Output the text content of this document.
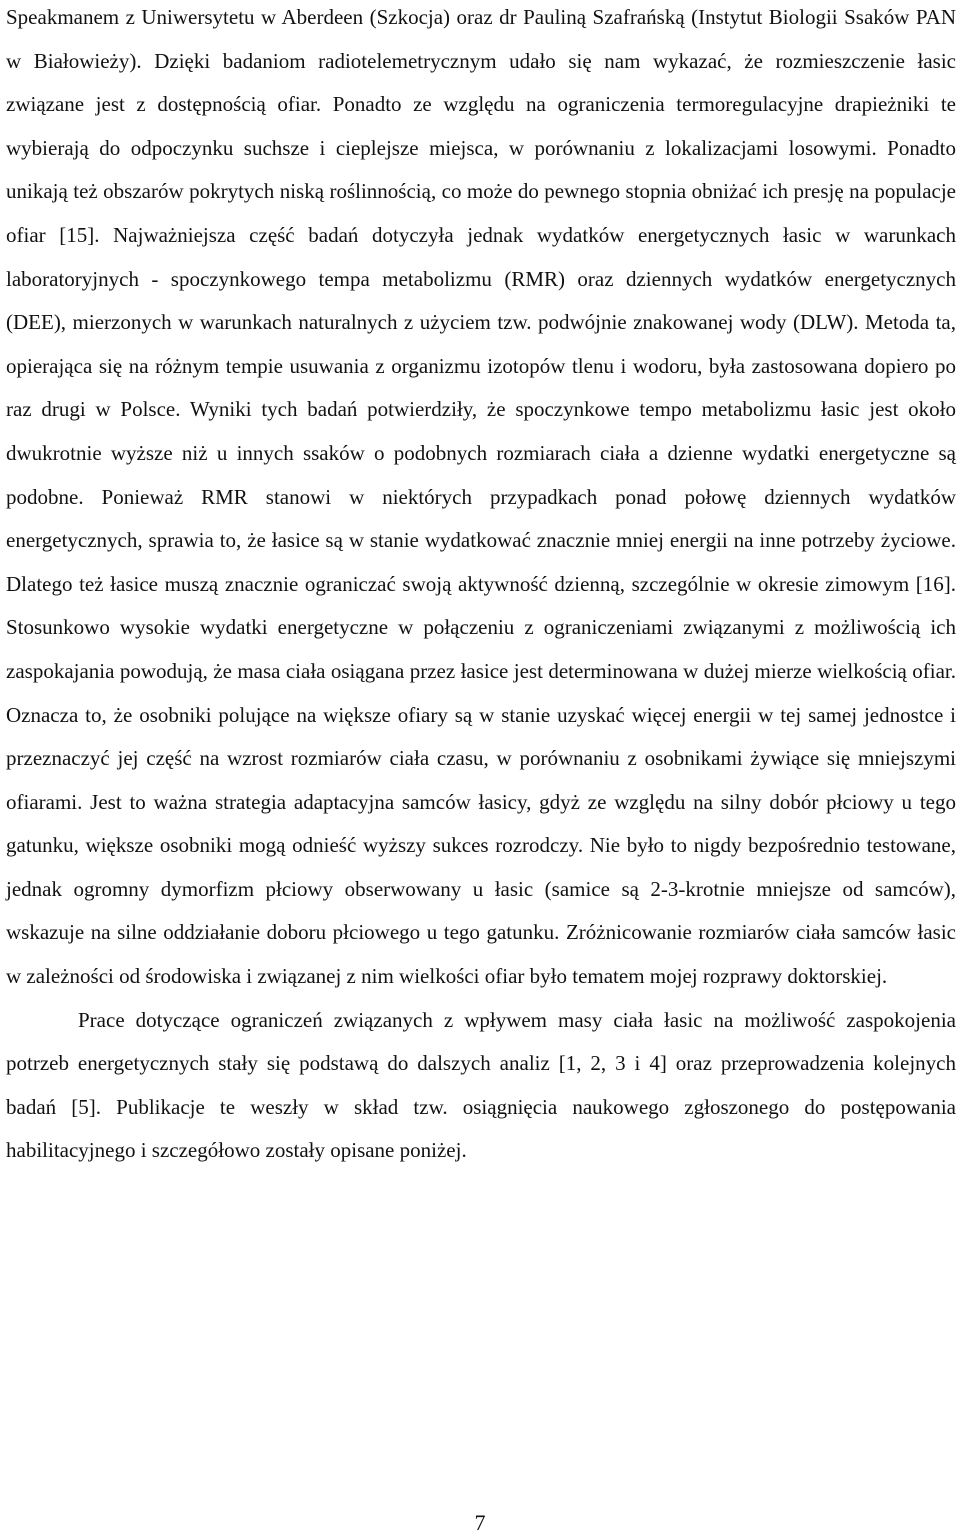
Speakmanem z Uniwersytetu w Aberdeen (Szkocja) oraz dr Pauliną Szafrańską (Instytut Biologii Ssaków PAN w Białowieży). Dzięki badaniom radiotelemetrycznym udało się nam wykazać, że rozmieszczenie łasic związane jest z dostępnością ofiar. Ponadto ze względu na ograniczenia termoregulacyjne drapieżniki te wybierają do odpoczynku suchsze i cieplejsze miejsca, w porównaniu z lokalizacjami losowymi. Ponadto unikają też obszarów pokrytych niską roślinnością, co może do pewnego stopnia obniżać ich presję na populacje ofiar [15]. Najważniejsza część badań dotyczyła jednak wydatków energetycznych łasic w warunkach laboratoryjnych - spoczynkowego tempa metabolizmu (RMR) oraz dziennych wydatków energetycznych (DEE), mierzonych w warunkach naturalnych z użyciem tzw. podwójnie znakowanej wody (DLW). Metoda ta, opierająca się na różnym tempie usuwania z organizmu izotopów tlenu i wodoru, była zastosowana dopiero po raz drugi w Polsce. Wyniki tych badań potwierdziły, że spoczynkowe tempo metabolizmu łasic jest około dwukrotnie wyższe niż u innych ssaków o podobnych rozmiarach ciała a dzienne wydatki energetyczne są podobne. Ponieważ RMR stanowi w niektórych przypadkach ponad połowę dziennych wydatków energetycznych, sprawia to, że łasice są w stanie wydatkować znacznie mniej energii na inne potrzeby życiowe. Dlatego też łasice muszą znacznie ograniczać swoją aktywność dzienną, szczególnie w okresie zimowym [16]. Stosunkowo wysokie wydatki energetyczne w połączeniu z ograniczeniami związanymi z możliwością ich zaspokajania powodują, że masa ciała osiągana przez łasice jest determinowana w dużej mierze wielkością ofiar. Oznacza to, że osobniki polujące na większe ofiary są w stanie uzyskać więcej energii w tej samej jednostce i przeznaczyć jej część na wzrost rozmiarów ciała czasu, w porównaniu z osobnikami żywiące się mniejszymi ofiarami. Jest to ważna strategia adaptacyjna samców łasicy, gdyż ze względu na silny dobór płciowy u tego gatunku, większe osobniki mogą odnieść wyższy sukces rozrodczy. Nie było to nigdy bezpośrednio testowane, jednak ogromny dymorfizm płciowy obserwowany u łasic (samice są 2-3-krotnie mniejsze od samców), wskazuje na silne oddziałanie doboru płciowego u tego gatunku. Zróżnicowanie rozmiarów ciała samców łasic w zależności od środowiska i związanej z nim wielkości ofiar było tematem mojej rozprawy doktorskiej.

Prace dotyczące ograniczeń związanych z wpływem masy ciała łasic na możliwość zaspokojenia potrzeb energetycznych stały się podstawą do dalszych analiz [1, 2, 3 i 4] oraz przeprowadzenia kolejnych badań [5]. Publikacje te weszły w skład tzw. osiągnięcia naukowego zgłoszonego do postępowania habilitacyjnego i szczegółowo zostały opisane poniżej.

7
